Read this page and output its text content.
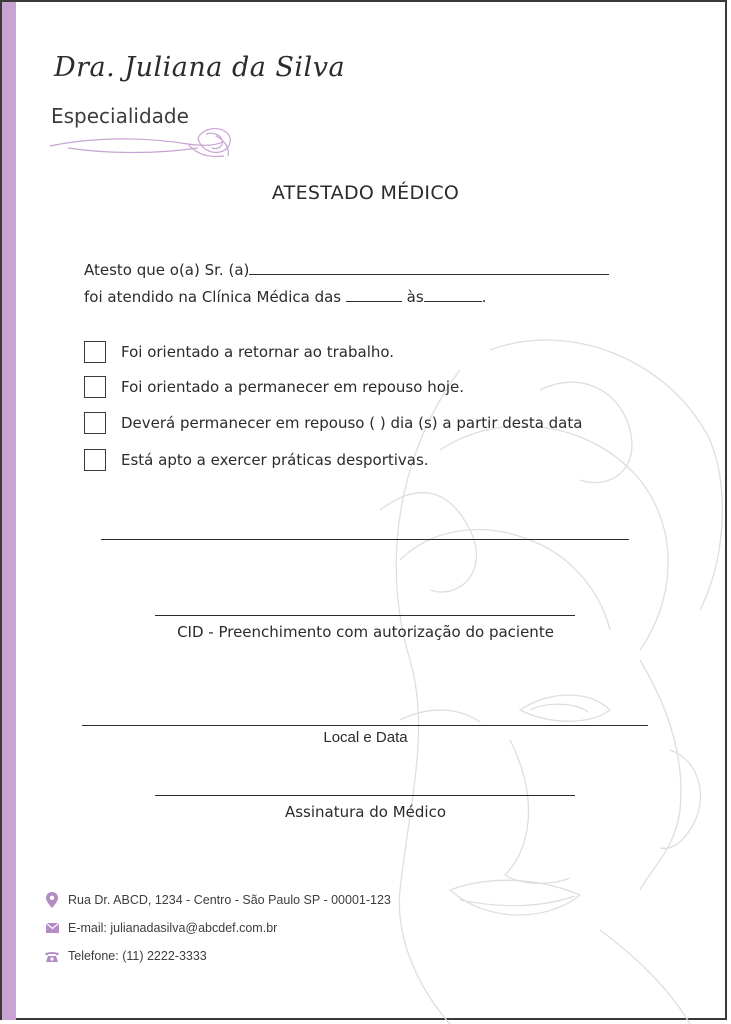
Dra. Juliana da Silva
Especialidade
ATESTADO MÉDICO
Atesto que o(a) Sr. (a)
foi atendido na Clínica Médica das	às	.
Foi orientado a retornar ao trabalho.
Foi orientado a permanecer em repouso hoje.
Deverá permanecer em repouso ( ) dia (s) a partir desta data
Está apto a exercer práticas desportivas.
CID - Preenchimento com autorização do paciente
Local e Data
Assinatura do Médico
Rua Dr. ABCD, 1234 - Centro - São Paulo SP - 00001-123
E-mail: julianadasilva@abcdef.com.br
Telefone: (11) 2222-3333
